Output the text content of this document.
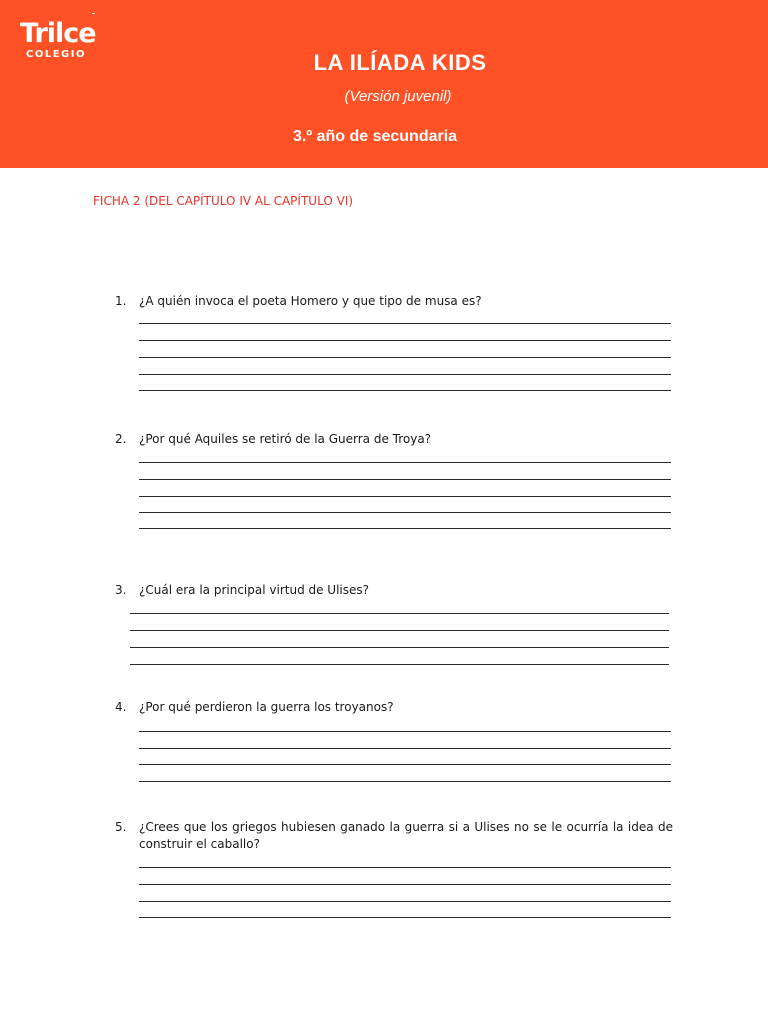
Trilce
COLEGIO	LA ILÍADA KIDS
(Versión juvenil)
3.º año de secundaria
FICHA 2 (DEL CAPÍTULO IV AL CAPÍTULO VI)
1. ¿A quién invoca el poeta Homero y que tipo de musa es?
2. ¿Por qué Aquiles se retiró de la Guerra de Troya?
3. ¿Cuál era la principal virtud de Ulises?
4. ¿Por qué perdieron la guerra los troyanos?
5. ¿Crees que los griegos hubiesen ganado la guerra si a Ulises no se le ocurría la idea de construir el caballo?
